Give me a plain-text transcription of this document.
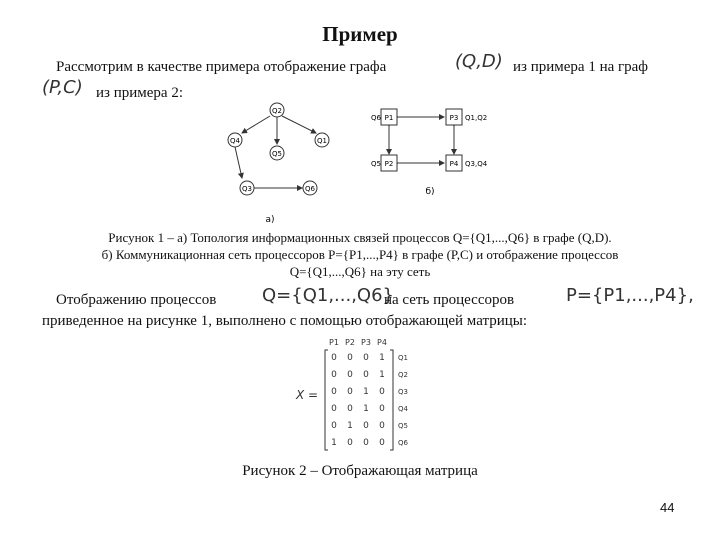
Пример
Рассмотрим в качестве примера отображение графа	(Q,D) из примера 1 на граф
(P,C) из примера 2:
Q2
Q4
Q5
Q1
Q3	Q6
а)
P1	P3
P2	P4
Q6
Q5
Q1,Q2
Q3,Q4
б)
Рисунок 1 – а) Топология информационных связей процессов Q={Q1,...,Q6} в графе (Q,D).
б) Коммуникационная сеть процессоров P={P1,...,P4} в графе (P,C) и отображение процессов
Q={Q1,...,Q6} на эту сеть
Отображению процессов	Q={Q1,...,Q6}
на сеть процессоров	P={P1,...,P4},
приведенное на рисунке 1, выполнено с помощью отображающей матрицы:
P1 P2 P3 P4
X =
0 0 0 1
0 0 0 1
0 0 1 0
0 0 1 0
0 1 0 0
1 0 0 0
Q1
Q2
Q3
Q4
Q5
Q6
Рисунок 2 – Отображающая матрица
44
